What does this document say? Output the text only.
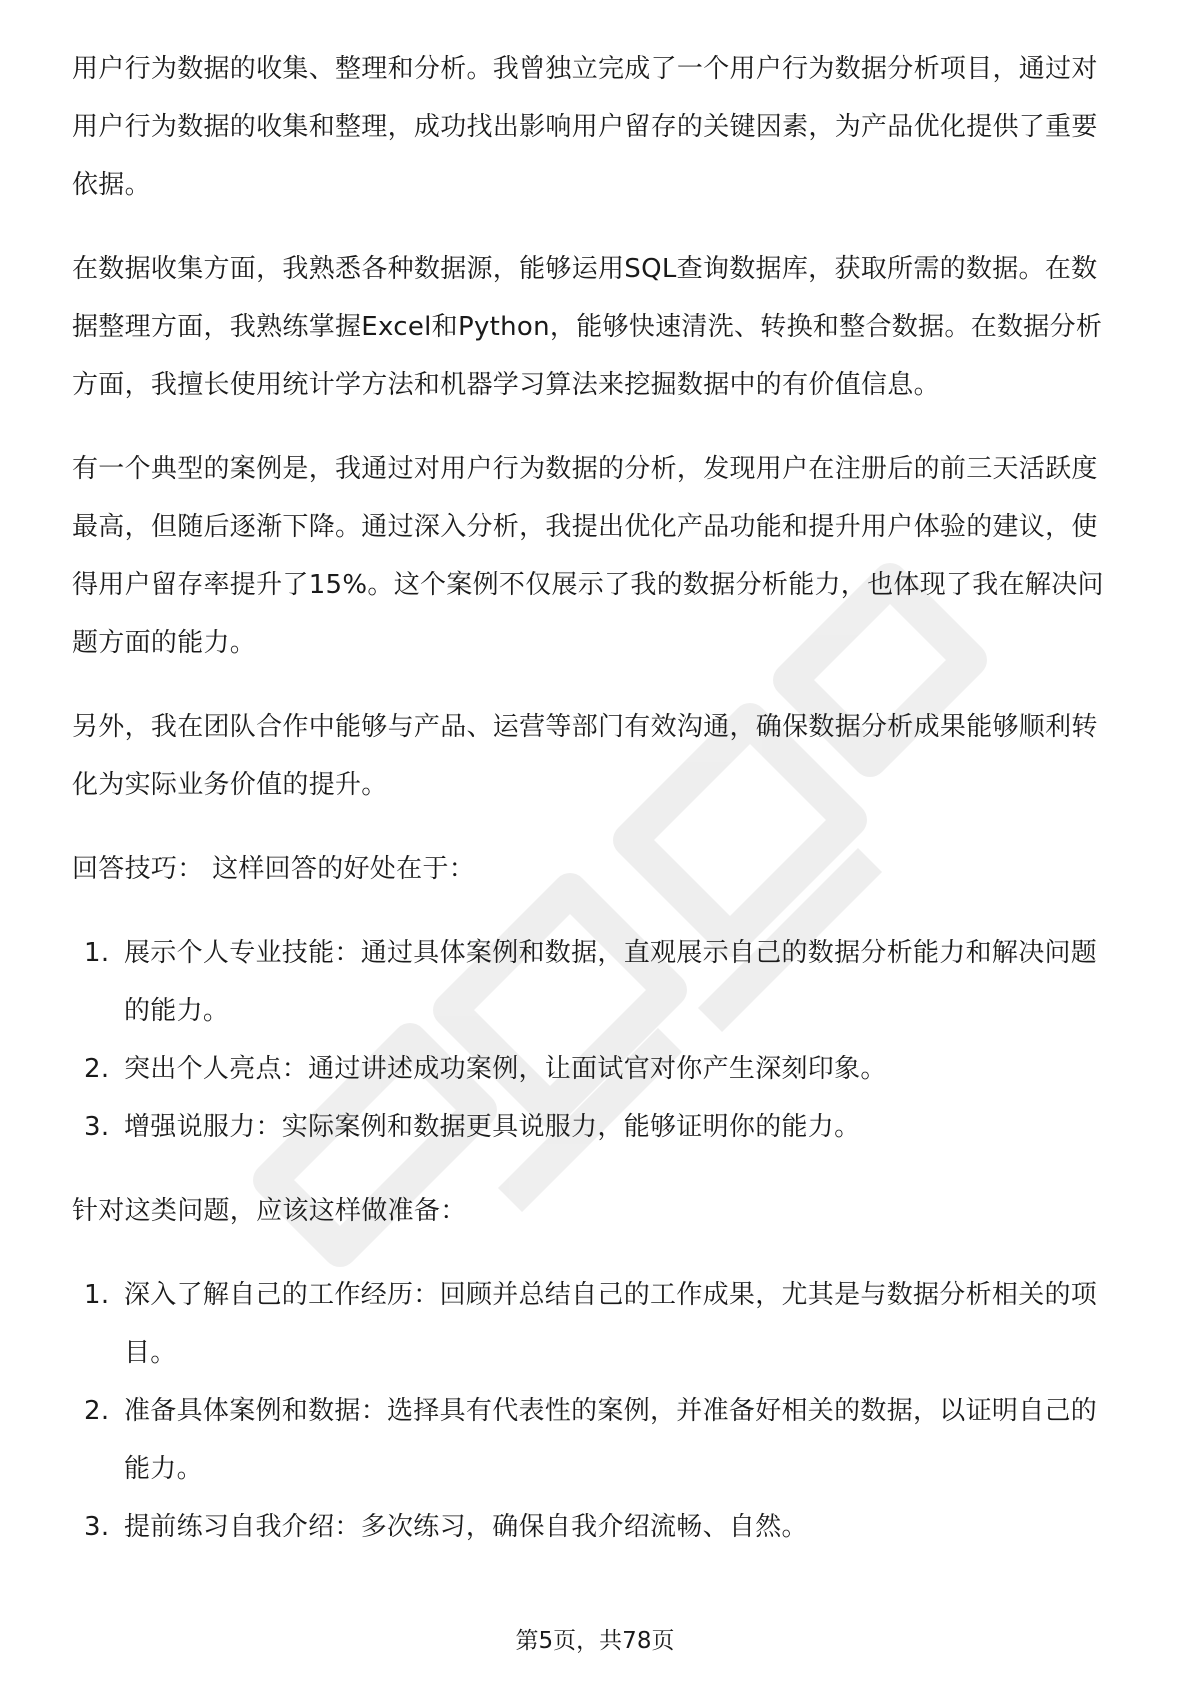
用户行为数据的收集、整理和分析。我曾独立完成了一个用户行为数据分析项目，通过对用户行为数据的收集和整理，成功找出影响用户留存的关键因素，为产品优化提供了重要依据。

在数据收集方面，我熟悉各种数据源，能够运用SQL查询数据库，获取所需的数据。在数据整理方面，我熟练掌握Excel和Python，能够快速清洗、转换和整合数据。在数据分析方面，我擅长使用统计学方法和机器学习算法来挖掘数据中的有价值信息。

有一个典型的案例是，我通过对用户行为数据的分析，发现用户在注册后的前三天活跃度最高，但随后逐渐下降。通过深入分析，我提出优化产品功能和提升用户体验的建议，使得用户留存率提升了15%。这个案例不仅展示了我的数据分析能力，也体现了我在解决问题方面的能力。

另外，我在团队合作中能够与产品、运营等部门有效沟通，确保数据分析成果能够顺利转化为实际业务价值的提升。

回答技巧： 这样回答的好处在于：

1. 展示个人专业技能：通过具体案例和数据，直观展示自己的数据分析能力和解决问题的能力。
2. 突出个人亮点：通过讲述成功案例，让面试官对你产生深刻印象。
3. 增强说服力：实际案例和数据更具说服力，能够证明你的能力。

针对这类问题，应该这样做准备：

1. 深入了解自己的工作经历：回顾并总结自己的工作成果，尤其是与数据分析相关的项目。
2. 准备具体案例和数据：选择具有代表性的案例，并准备好相关的数据，以证明自己的能力。
3. 提前练习自我介绍：多次练习，确保自我介绍流畅、自然。
第5页，共78页
